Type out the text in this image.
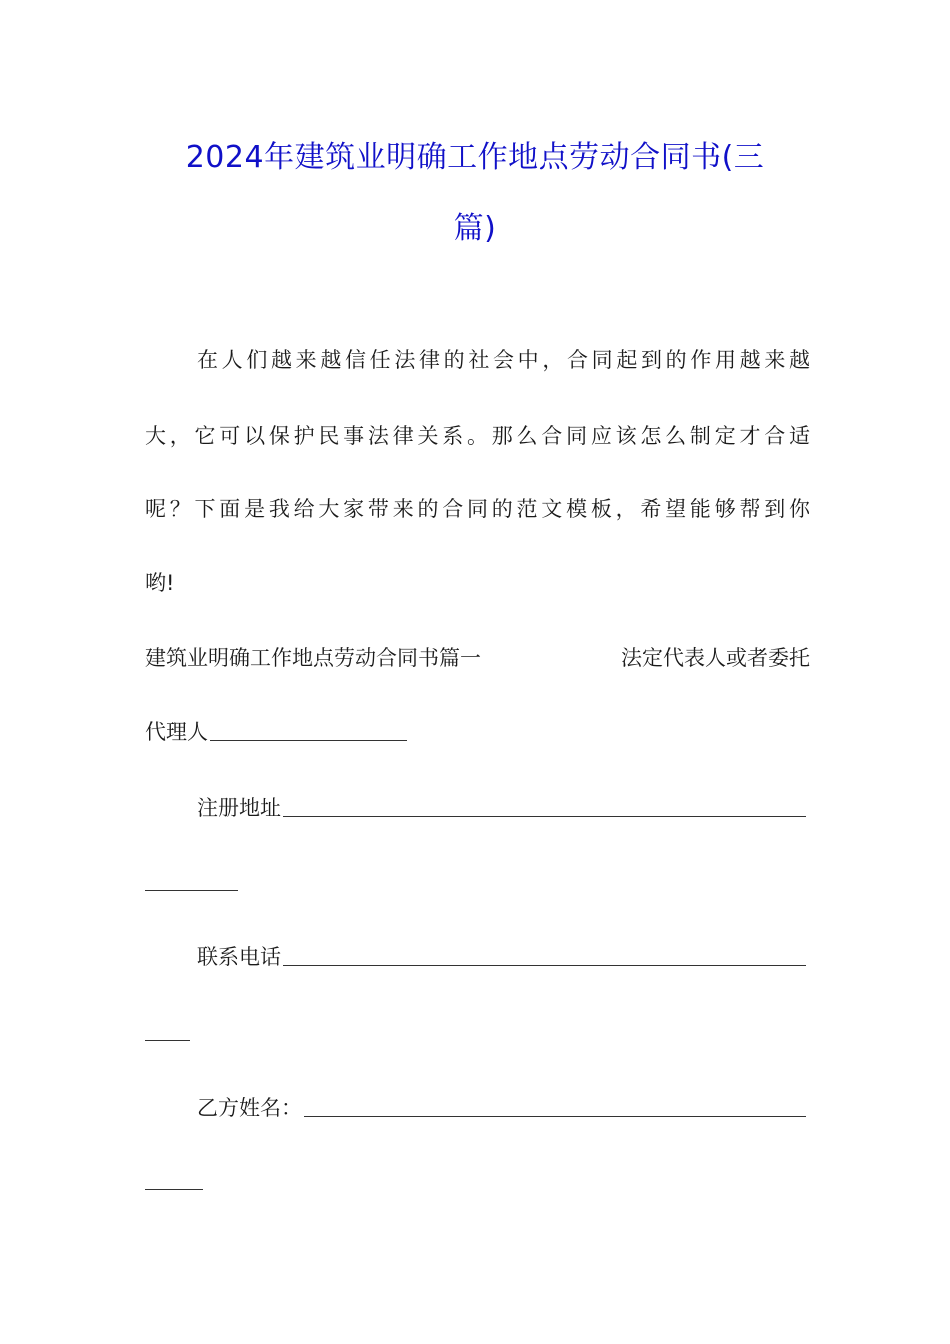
2024年建筑业明确工作地点劳动合同书(三
篇)
在人们越来越信任法律的社会中，合同起到的作用越来越
大，它可以保护民事法律关系。那么合同应该怎么制定才合适
呢？下面是我给大家带来的合同的范文模板，希望能够帮到你
哟!
建筑业明确工作地点劳动合同书篇一	法定代表人或者委托
代理人
注册地址
联系电话
乙方姓名：
